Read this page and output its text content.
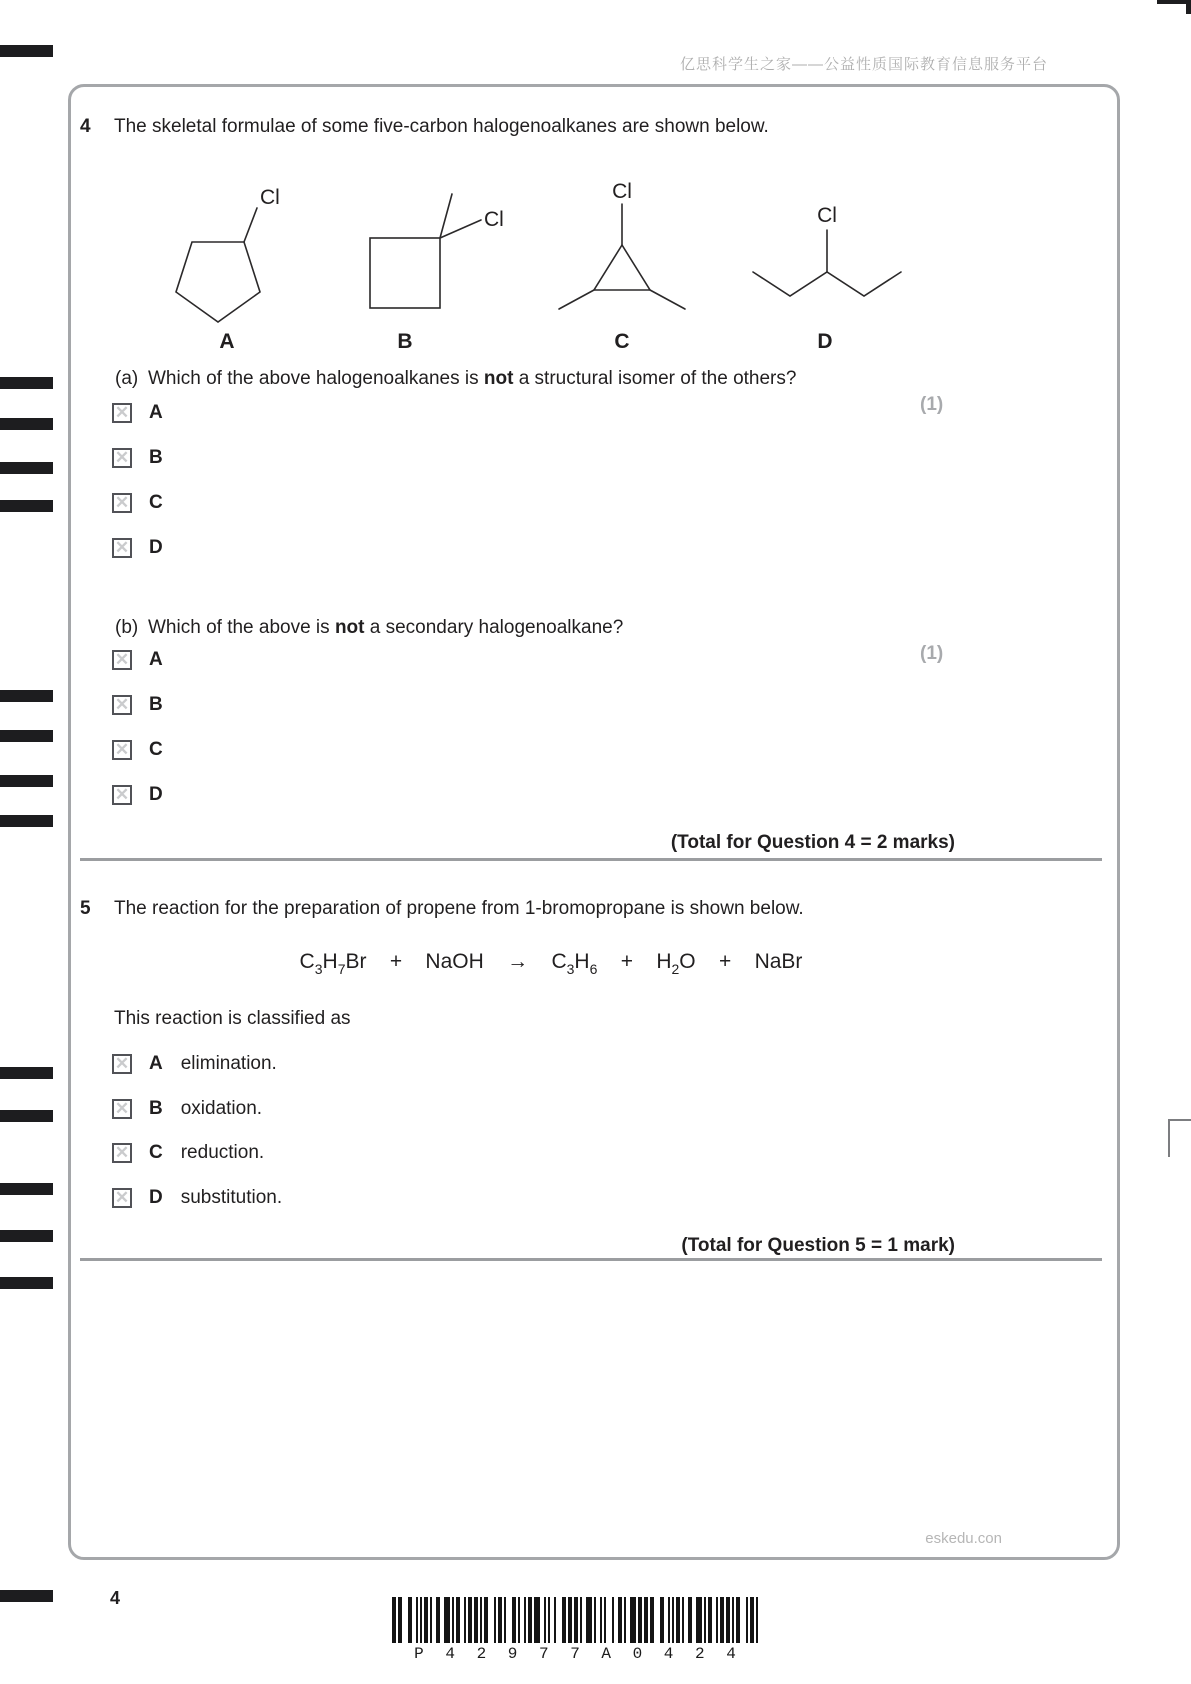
亿思科学生之家——公益性质国际教育信息服务平台
4	The skeletal formulae of some five-carbon halogenoalkanes are shown below.
Cl
Cl
Cl
Cl
A	B	C	D
(a) Which of the above halogenoalkanes is not a structural isomer of the others?
(1)
✕ A
✕ B
✕ C
✕ D
(b) Which of the above is not a secondary halogenoalkane?
(1)
✕ A
✕ B
✕ C
✕ D
(Total for Question 4 = 2 marks)
5	The reaction for the preparation of propene from 1-bromopropane is shown below.
$C_3H_7Br$    +    NaOH    →    $C_3H_6$    +    $H_2O$    +    NaBr
This reaction is classified as
✕ A elimination.
✕ B oxidation.
✕ C reduction.
✕ D substitution.
(Total for Question 5 = 1 mark)
eskedu.con
4
P 4 2 9 7 7 A 0 4 2 4
